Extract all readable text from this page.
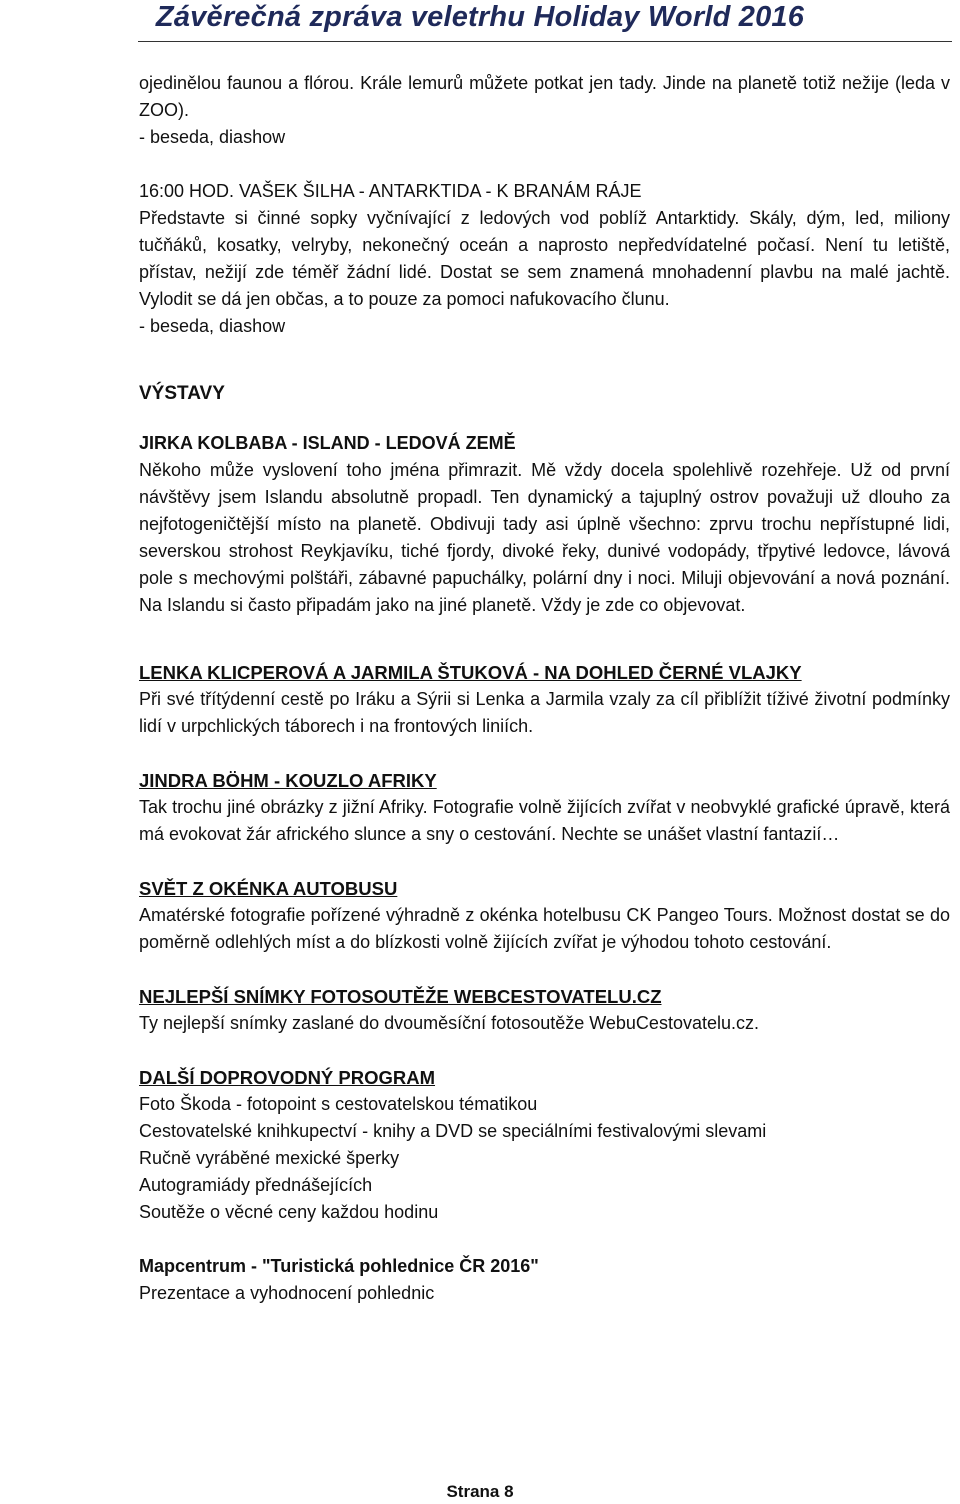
Závěrečná zpráva veletrhu Holiday World 2016

ojedinělou faunou a flórou. Krále lemurů můžete potkat jen tady. Jinde na planetě totiž nežije (leda v ZOO).

- beseda, diashow

16:00 HOD. VAŠEK ŠILHA - ANTARKTIDA - K BRANÁM RÁJE

Představte si činné sopky vyčnívající z ledových vod poblíž Antarktidy. Skály, dým, led, miliony tučňáků, kosatky, velryby, nekonečný oceán a naprosto nepředvídatelné počasí. Není tu letiště, přístav, nežijí zde téměř žádní lidé. Dostat se sem znamená mnohadenní plavbu na malé jachtě. Vylodit se dá jen občas, a to pouze za pomoci nafukovacího člunu.

- beseda, diashow

VÝSTAVY

JIRKA KOLBABA - ISLAND - LEDOVÁ ZEMĚ

Někoho může vyslovení toho jména přimrazit. Mě vždy docela spolehlivě rozehřeje. Už od první návštěvy jsem Islandu absolutně propadl. Ten dynamický a tajuplný ostrov považuji už dlouho za nejfotogeničtější místo na planetě. Obdivuji tady asi úplně všechno: zprvu trochu nepřístupné lidi, severskou strohost Reykjavíku, tiché fjordy, divoké řeky, dunivé vodopády, třpytivé ledovce, lávová pole s mechovými polštáři, zábavné papuchálky, polární dny i noci. Miluji objevování a nová poznání. Na Islandu si často připadám jako na jiné planetě. Vždy je zde co objevovat.

LENKA KLICPEROVÁ A JARMILA ŠTUKOVÁ - NA DOHLED ČERNÉ VLAJKY

Při své třítýdenní cestě po Iráku a Sýrii si Lenka a Jarmila vzaly za cíl přiblížit tíživé životní podmínky lidí v urpchlických táborech i na frontových liniích.

JINDRA BÖHM - KOUZLO AFRIKY

Tak trochu jiné obrázky z jižní Afriky. Fotografie volně žijících zvířat v neobvyklé grafické úpravě, která má evokovat žár afrického slunce a sny o cestování. Nechte se unášet vlastní fantazií…

SVĚT Z OKÉNKA AUTOBUSU

Amatérské fotografie pořízené výhradně z okénka hotelbusu CK Pangeo Tours. Možnost dostat se do poměrně odlehlých míst a do blízkosti volně žijících zvířat je výhodou tohoto cestování.

NEJLEPŠÍ SNÍMKY FOTOSOUTĚŽE WEBCESTOVATELU.CZ

Ty nejlepší snímky zaslané do dvouměsíční fotosoutěže WebuCestovatelu.cz.

DALŠÍ DOPROVODNÝ PROGRAM

Foto Škoda - fotopoint s cestovatelskou tématikou

Cestovatelské knihkupectví - knihy a DVD se speciálními festivalovými slevami

Ručně vyráběné mexické šperky

Autogramiády přednášejících

Soutěže o věcné ceny každou hodinu

Mapcentrum - "Turistická pohlednice ČR 2016"

Prezentace a vyhodnocení pohlednic

Strana 8
